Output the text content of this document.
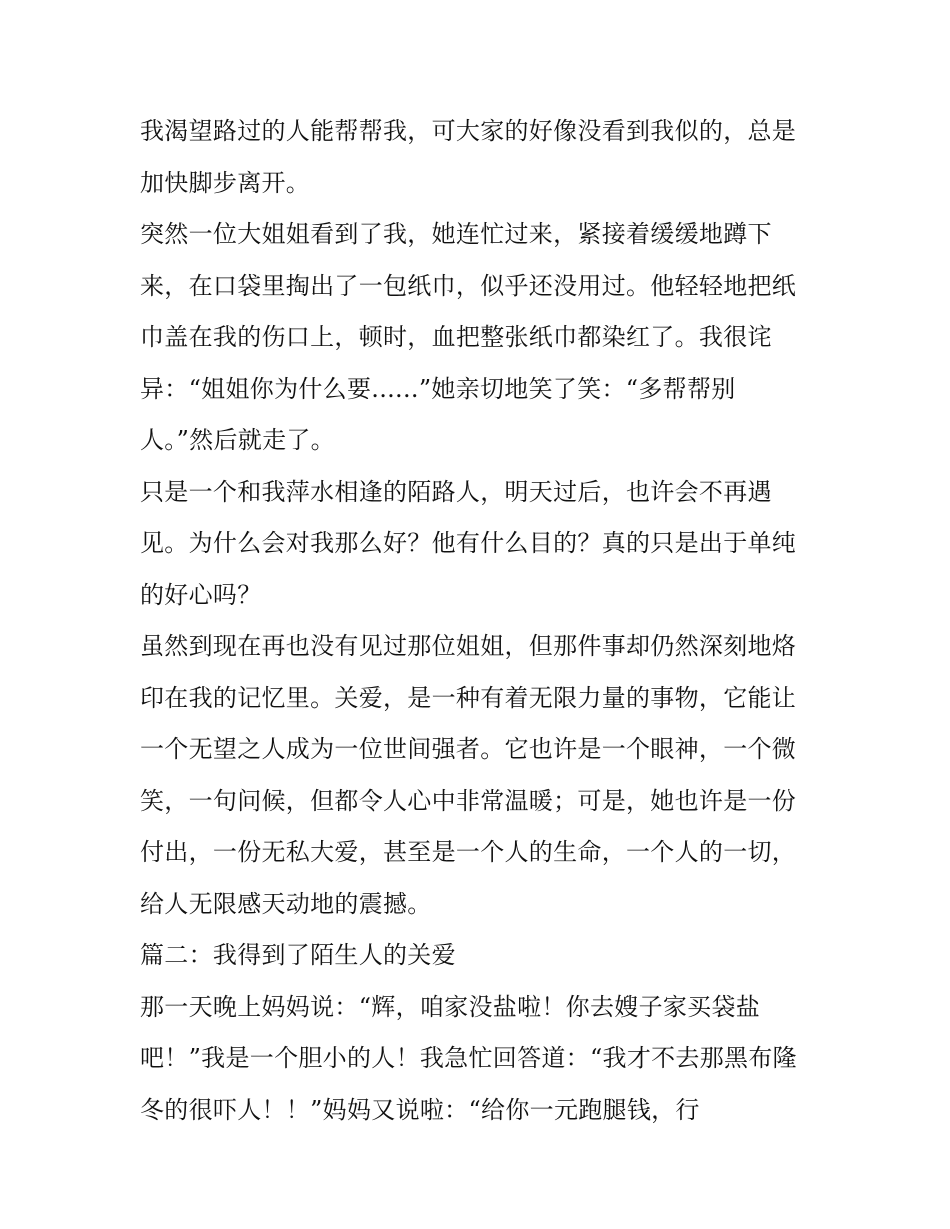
我渴望路过的人能帮帮我，可大家的好像没看到我似的，总是
加快脚步离开。
突然一位大姐姐看到了我，她连忙过来，紧接着缓缓地蹲下
来，在口袋里掏出了一包纸巾，似乎还没用过。他轻轻地把纸
巾盖在我的伤口上，顿时，血把整张纸巾都染红了。我很诧
异：“姐姐你为什么要......”她亲切地笑了笑：“多帮帮别
人。”然后就走了。
只是一个和我萍水相逢的陌路人，明天过后，也许会不再遇
见。为什么会对我那么好？他有什么目的？真的只是出于单纯
的好心吗？
虽然到现在再也没有见过那位姐姐，但那件事却仍然深刻地烙
印在我的记忆里。关爱，是一种有着无限力量的事物，它能让
一个无望之人成为一位世间强者。它也许是一个眼神，一个微
笑，一句问候，但都令人心中非常温暖；可是，她也许是一份
付出，一份无私大爱，甚至是一个人的生命，一个人的一切，
给人无限感天动地的震撼。
篇二：我得到了陌生人的关爱
那一天晚上妈妈说：“辉，咱家没盐啦！你去嫂子家买袋盐
吧！”我是一个胆小的人！我急忙回答道：“我才不去那黑布隆
冬的很吓人！！”妈妈又说啦：“给你一元跑腿钱，行
